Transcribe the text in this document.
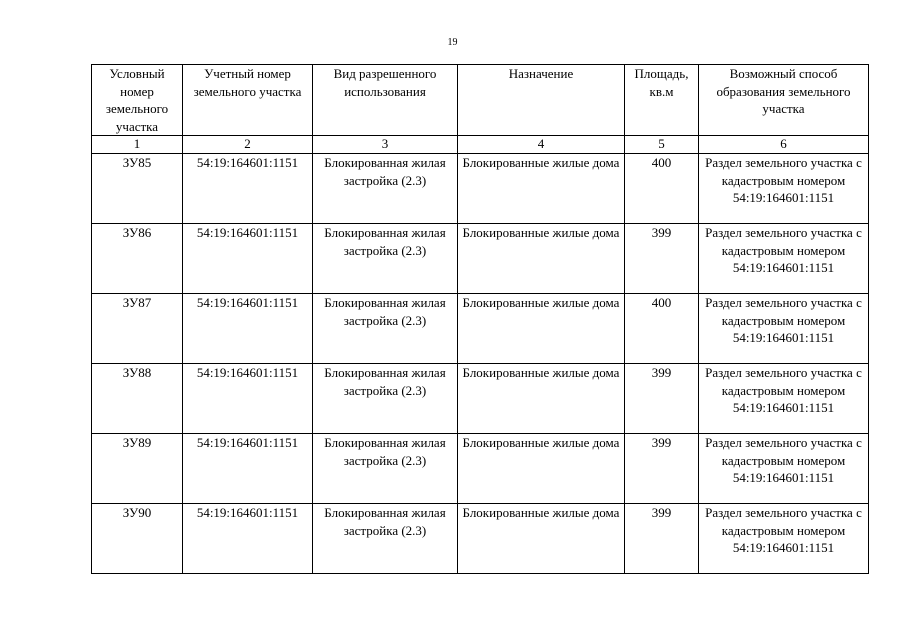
19
Условный номер земельного участка	Учетный номер земельного участка	Вид разрешенного использования	Назначение	Площадь, кв.м	Возможный способ образования земельного участка
1	2	3	4	5	6
ЗУ85	54:19:164601:1151	Блокированная жилая застройка (2.3)	Блокированные жилые дома	400	Раздел земельного участка с кадастровым номером 54:19:164601:1151
ЗУ86	54:19:164601:1151	Блокированная жилая застройка (2.3)	Блокированные жилые дома	399	Раздел земельного участка с кадастровым номером 54:19:164601:1151
ЗУ87	54:19:164601:1151	Блокированная жилая застройка (2.3)	Блокированные жилые дома	400	Раздел земельного участка с кадастровым номером 54:19:164601:1151
ЗУ88	54:19:164601:1151	Блокированная жилая застройка (2.3)	Блокированные жилые дома	399	Раздел земельного участка с кадастровым номером 54:19:164601:1151
ЗУ89	54:19:164601:1151	Блокированная жилая застройка (2.3)	Блокированные жилые дома	399	Раздел земельного участка с кадастровым номером 54:19:164601:1151
ЗУ90	54:19:164601:1151	Блокированная жилая застройка (2.3)	Блокированные жилые дома	399	Раздел земельного участка с кадастровым номером 54:19:164601:1151
